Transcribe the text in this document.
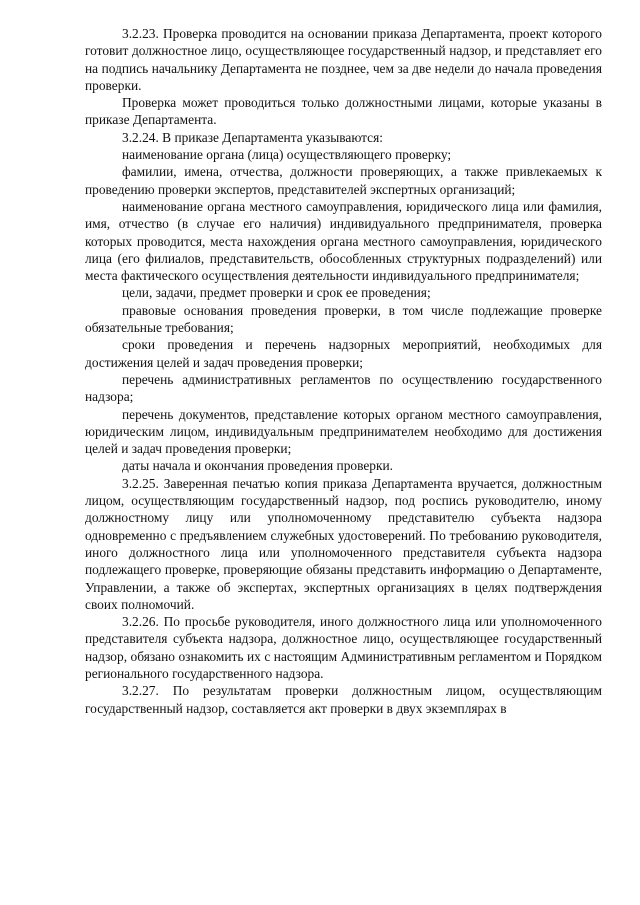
3.2.23. Проверка проводится на основании приказа Департамента, проект которого готовит должностное лицо, осуществляющее государственный надзор, и представляет его на подпись начальнику Департамента не позднее, чем за две недели до начала проведения проверки.

Проверка может проводиться только должностными лицами, которые указаны в приказе Департамента.

3.2.24. В приказе Департамента указываются:

наименование органа (лица) осуществляющего проверку;

фамилии, имена, отчества, должности проверяющих, а также привлекаемых к проведению проверки экспертов, представителей экспертных организаций;

наименование органа местного самоуправления, юридического лица или фамилия, имя, отчество (в случае его наличия) индивидуального предпринимателя, проверка которых проводится, места нахождения органа местного самоуправления, юридического лица (его филиалов, представительств, обособленных структурных подразделений) или места фактического осуществления деятельности индивидуального предпринимателя;

цели, задачи, предмет проверки и срок ее проведения;

правовые основания проведения проверки, в том числе подлежащие проверке обязательные требования;

сроки проведения и перечень надзорных мероприятий, необходимых для достижения целей и задач проведения проверки;

перечень административных регламентов по осуществлению государственного надзора;

перечень документов, представление которых органом местного самоуправления, юридическим лицом, индивидуальным предпринимателем необходимо для достижения целей и задач проведения проверки;

даты начала и окончания проведения проверки.

3.2.25. Заверенная печатью копия приказа Департамента вручается, должностным лицом, осуществляющим государственный надзор, под роспись руководителю, иному должностному лицу или уполномоченному представителю субъекта надзора одновременно с предъявлением служебных удостоверений. По требованию руководителя, иного должностного лица или уполномоченного представителя субъекта надзора подлежащего проверке, проверяющие обязаны представить информацию о Департаменте, Управлении, а также об экспертах, экспертных организациях в целях подтверждения своих полномочий.

3.2.26. По просьбе руководителя, иного должностного лица или уполномоченного представителя субъекта надзора, должностное лицо, осуществляющее государственный надзор, обязано ознакомить их с настоящим Административным регламентом и Порядком регионального государственного надзора.

3.2.27. По результатам проверки должностным лицом, осуществляющим государственный надзор, составляется акт проверки в двух экземплярах в
